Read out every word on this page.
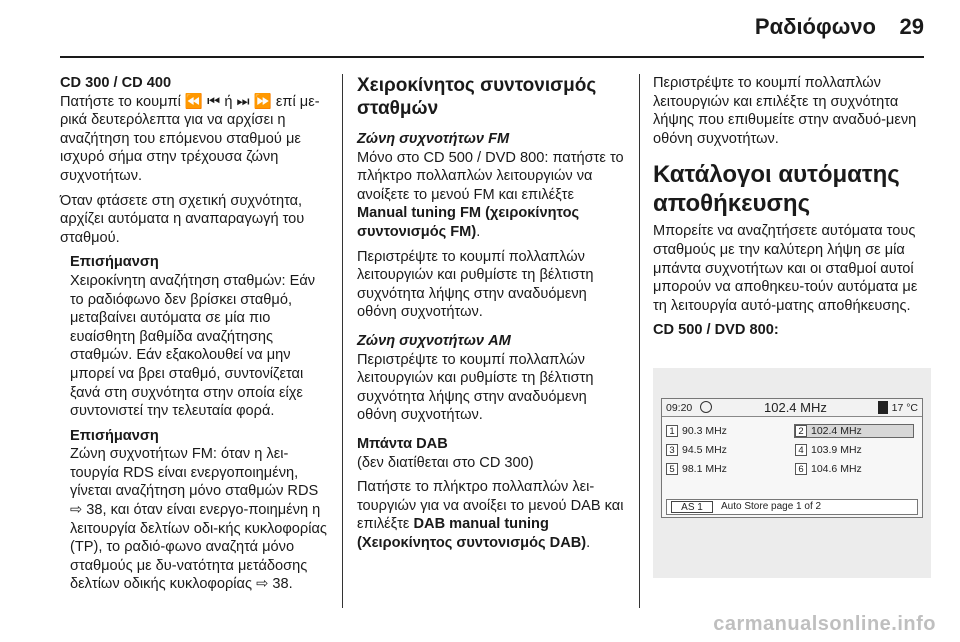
Ραδιόφωνο 29
CD 300 / CD 400

Πατήστε το κουμπί ⏪ ⏮ ή ⏭ ⏩ επί με-ρικά δευτερόλεπτα για να αρχίσει η αναζήτηση του επόμενου σταθμού με ισχυρό σήμα στην τρέχουσα ζώνη συχνοτήτων.

Όταν φτάσετε στη σχετική συχνότητα, αρχίζει αυτόματα η αναπαραγωγή του σταθμού.

Επισήμανση
Χειροκίνητη αναζήτηση σταθμών: Εάν το ραδιόφωνο δεν βρίσκει σταθμό, μεταβαίνει αυτόματα σε μία πιο ευαίσθητη βαθμίδα αναζήτησης σταθμών. Εάν εξακολουθεί να μην μπορεί να βρει σταθμό, συντονίζεται ξανά στη συχνότητα στην οποία είχε συντονιστεί την τελευταία φορά.
Επισήμανση
Ζώνη συχνοτήτων FM: όταν η λει-τουργία RDS είναι ενεργοποιημένη, γίνεται αναζήτηση μόνο σταθμών RDS ⇨ 38, και όταν είναι ενεργο-ποιημένη η λειτουργία δελτίων οδι-κής κυκλοφορίας (TP), το ραδιό-φωνο αναζητά μόνο σταθμούς με δυ-νατότητα μετάδοσης δελτίων οδικής κυκλοφορίας ⇨ 38.
Χειροκίνητος συντονισμός σταθμών
Ζώνη συχνοτήτων FM

Μόνο στο CD 500 / DVD 800: πατήστε το πλήκτρο πολλαπλών λειτουργιών να ανοίξετε το μενού FM και επιλέξτε Manual tuning FM (χειροκίνητος συντονισμός FM).

Περιστρέψτε το κουμπί πολλαπλών λειτουργιών και ρυθμίστε τη βέλτιστη συχνότητα λήψης στην αναδυόμενη οθόνη συχνοτήτων.

Ζώνη συχνοτήτων AM

Περιστρέψτε το κουμπί πολλαπλών λειτουργιών και ρυθμίστε τη βέλτιστη συχνότητα λήψης στην αναδυόμενη οθόνη συχνοτήτων.

Μπάντα DAB

(δεν διατίθεται στο CD 300)

Πατήστε το πλήκτρο πολλαπλών λει-τουργιών για να ανοίξει το μενού DAB και επιλέξτε DAB manual tuning (Χειροκίνητος συντονισμός DAB).

Περιστρέψτε το κουμπί πολλαπλών λειτουργιών και επιλέξτε τη συχνότητα λήψης που επιθυμείτε στην αναδυό-μενη οθόνη συχνοτήτων.

Κατάλογοι αυτόματης αποθήκευσης

Μπορείτε να αναζητήσετε αυτόματα τους σταθμούς με την καλύτερη λήψη σε μία μπάντα συχνοτήτων και οι σταθμοί αυτοί μπορούν να αποθηκευ-τούν αυτόματα με τη λειτουργία αυτό-ματης αποθήκευσης.

CD 500 / DVD 800:
09:20	102.4 MHz	17 °C
1 90.3 MHz	2 102.4 MHz
3 94.5 MHz	4 103.9 MHz
5 98.1 MHz	6 104.6 MHz
AS 1	Auto Store page 1 of 2
carmanualsonline.info
